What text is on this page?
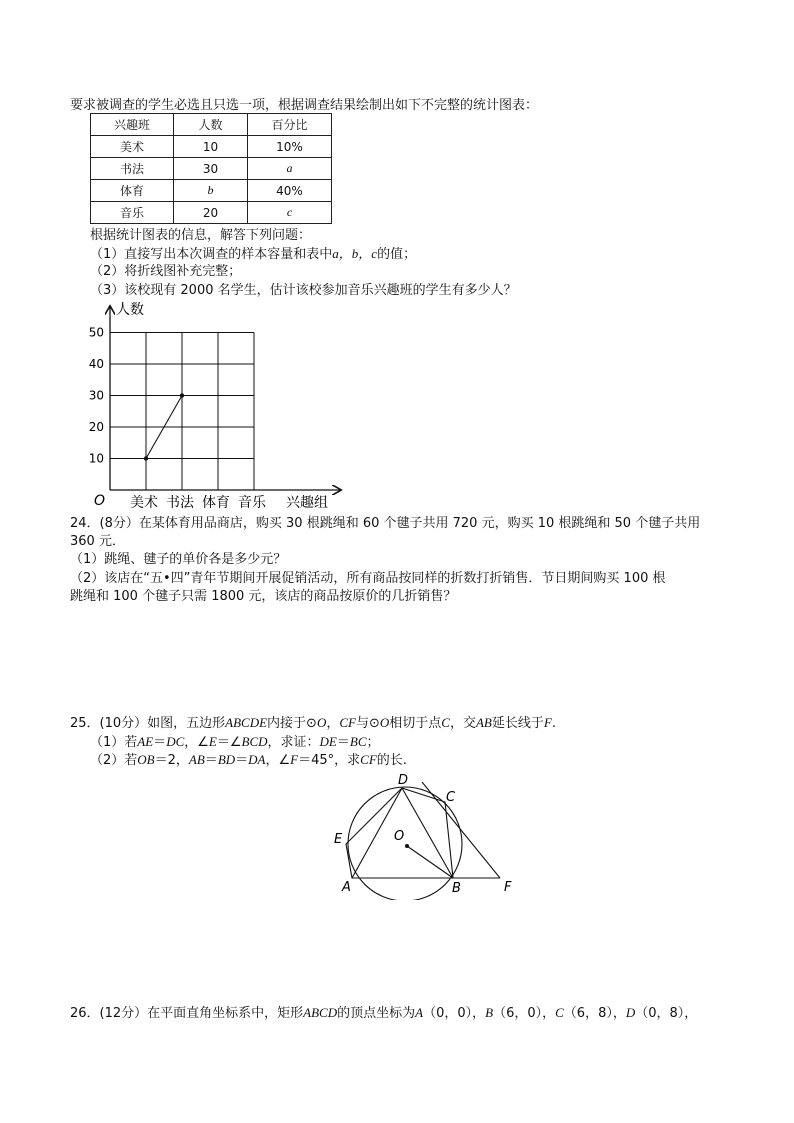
要求被调查的学生必选且只选一项，根据调查结果绘制出如下不完整的统计图表：
兴趣班	人数	百分比
美术	10	10%
书法	30	a
体育	b	40%
音乐	20	c
根据统计图表的信息，解答下列问题：
（1）直接写出本次调查的样本容量和表中a，b，c的值；
（2）将折线图补充完整；
（3）该校现有 2000 名学生，估计该校参加音乐兴趣班的学生有多少人？
人数
O	兴趣组
10
20
30
40
50
美术 书法 体育 音乐
24．(8分）在某体育用品商店，购买 30 根跳绳和 60 个毽子共用 720 元，购买 10 根跳绳和 50 个毽子共用
360 元．
（1）跳绳、毽子的单价各是多少元？
（2）该店在“五•四”青年节期间开展促销活动，所有商品按同样的折数打折销售．节日期间购买 100 根
跳绳和 100 个毽子只需 1800 元，该店的商品按原价的几折销售？
25．(10分）如图，五边形ABCDE内接于⊙O，CF与⊙O相切于点C，交AB延长线于F.
（1）若AE＝DC，∠E＝∠BCD，求证：DE＝BC；
（2）若OB＝2，AB＝BD＝DA，∠F＝45°，求CF的长.
D
C
E	O
A	B	F
26．(12分）在平面直角坐标系中，矩形ABCD的顶点坐标为A（0，0），B（6，0），C（6，8），D（0，8），
